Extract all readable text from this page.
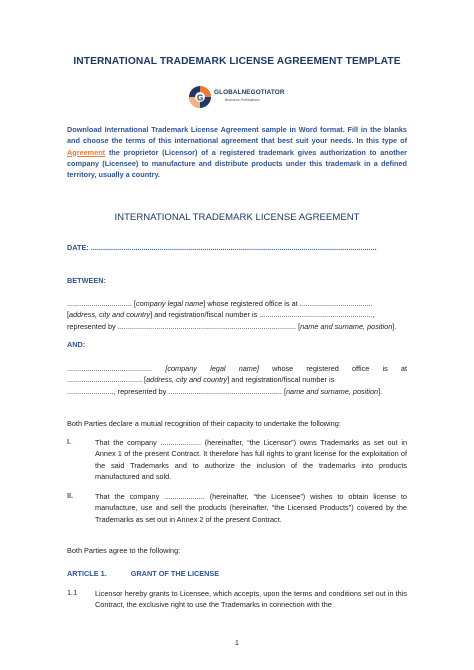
INTERNATIONAL TRADEMARK LICENSE AGREEMENT TEMPLATE
G
GLOBALNEGOTIATOR
Business Publications
Download International Trademark License Agreement sample in Word format. Fill in the blanks and choose the terms of this international agreement that best suit your needs. In this type of Agreement the proprietor (Licensor) of a registered trademark gives authorization to another company (Licensee) to manufacture and distribute products under this trademark in a defined territory, usually a country.
INTERNATIONAL TRADEMARK LICENSE AGREEMENT
DATE: .............................................................................................................................................
BETWEEN:
................................ [company legal name] whose registered office is at ....................................
[address, city and country] and registration/fiscal number is ........................................................,
represented by ........................................................................................ [name and surname, position].
AND:
.......................................... [company legal name] whose registered office is at
..................................... [address, city and country] and registration/fiscal number is
......................., represented by ........................................................ [name and surname, position].
Both Parties declare a mutual recognition of their capacity to undertake the following:
I.	That the company .................... (hereinafter, “the Licensor”) owns Trademarks as set out in Annex 1 of the present Contract. It therefore has full rights to grant license for the exploitation of the said Trademarks and to authorize the inclusion of the trademarks into products manufactured and sold.
II.	That the company .................... (hereinafter, “the Licensee”) wishes to obtain license to manufacture, use and sell the products (hereinafter, "the Licensed Products") covered by the Trademarks as set out in Annex 2 of the present Contract.
Both Parties agree to the following:
ARTICLE 1.	GRANT OF THE LICENSE
1.1 Licensor hereby grants to Licensee, which accepts, upon the terms and conditions set out in this Contract, the exclusive right to use the Trademarks in connection with the
1
